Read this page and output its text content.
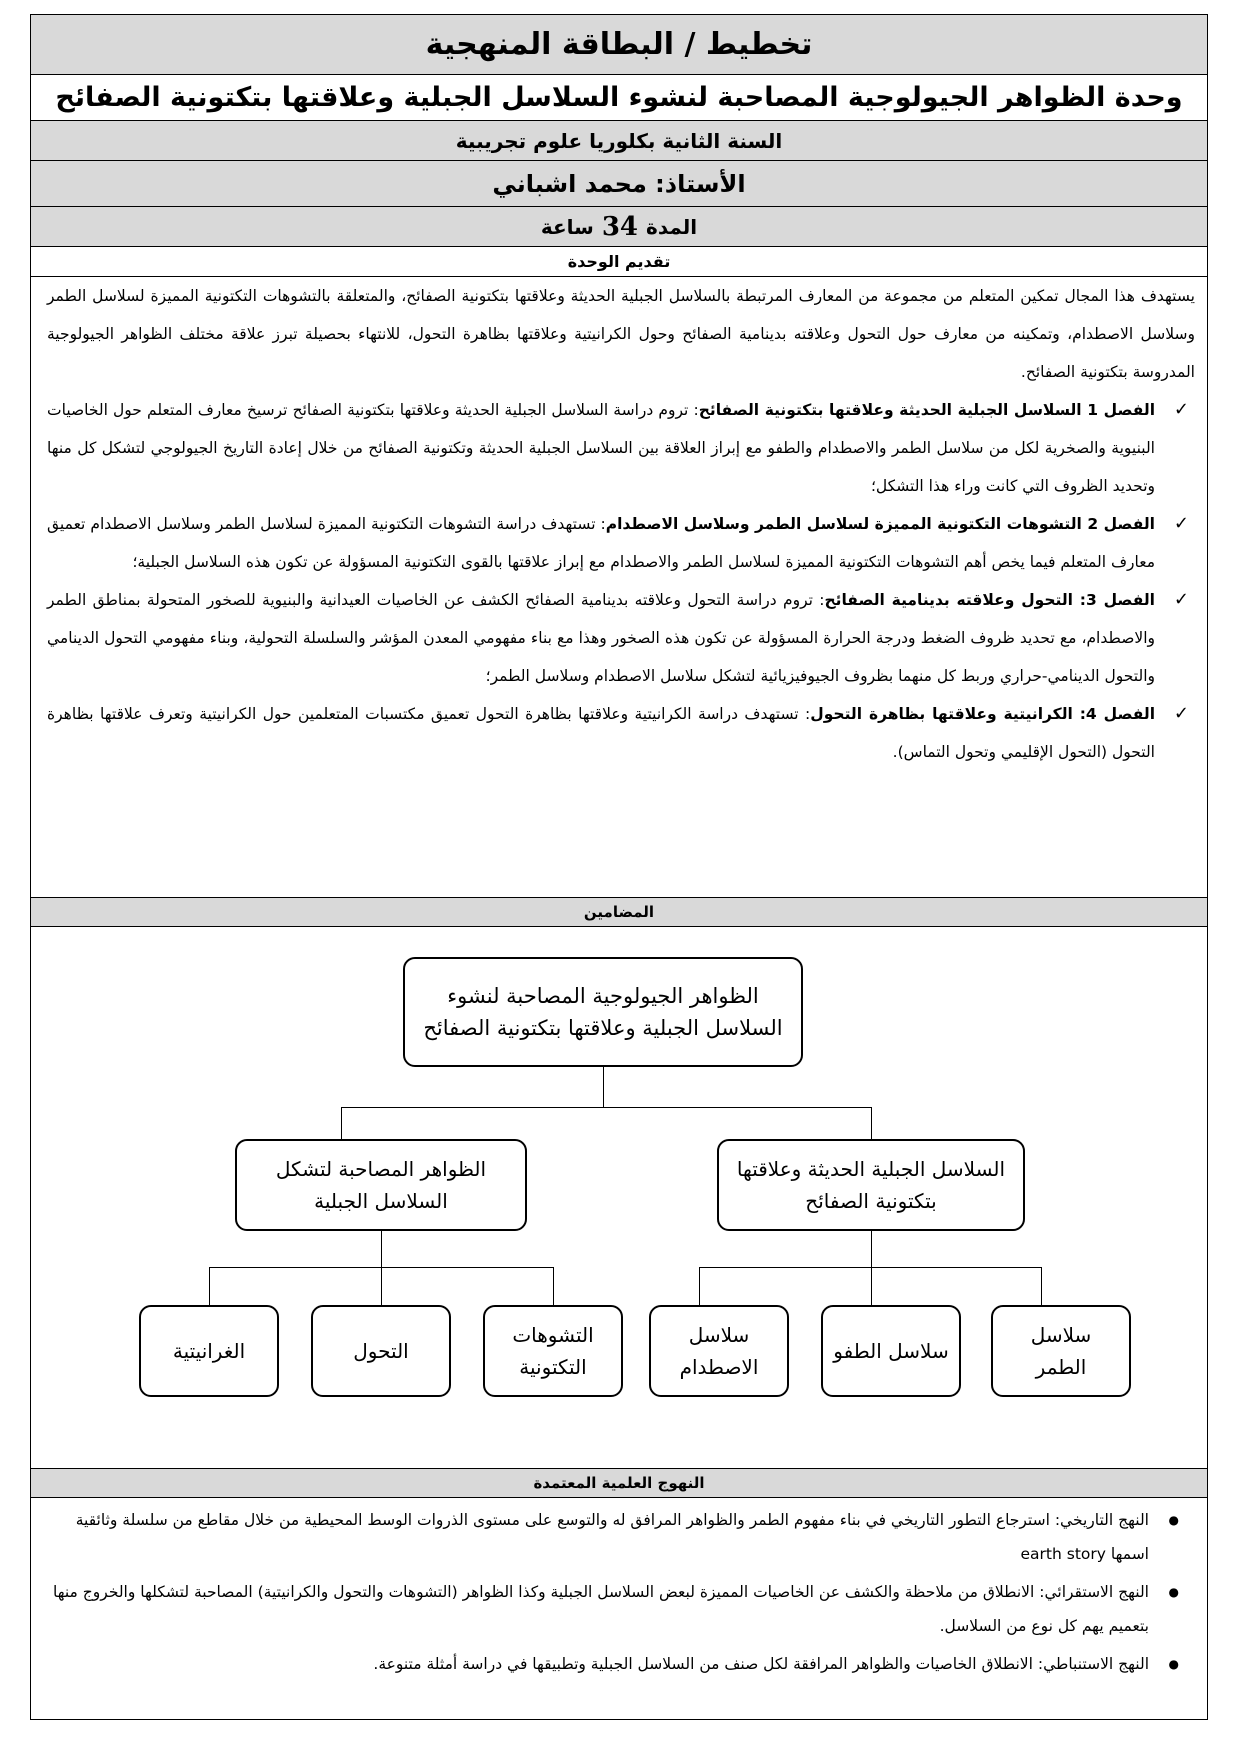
تخطيط / البطاقة المنهجية
وحدة الظواهر الجيولوجية المصاحبة لنشوء السلاسل الجبلية وعلاقتها بتكتونية الصفائح
السنة الثانية بكلوريا علوم تجريبية
الأستاذ: محمد اشباني
المدة
34
ساعة
تقديم الوحدة

يستهدف هذا المجال تمكين المتعلم من مجموعة من المعارف المرتبطة بالسلاسل الجبلية الحديثة وعلاقتها بتكتونية الصفائح، والمتعلقة بالتشوهات التكتونية المميزة لسلاسل الطمر وسلاسل الاصطدام، وتمكينه من معارف حول التحول وعلاقته بدينامية الصفائح وحول الكرانيتية وعلاقتها بظاهرة التحول، للانتهاء بحصيلة تبرز علاقة مختلف الظواهر الجيولوجية المدروسة بتكتونية الصفائح.

✓
الفصل 1 السلاسل الجبلية الحديثة وعلاقتها بتكتونية الصفائح: تروم دراسة السلاسل الجبلية الحديثة وعلاقتها بتكتونية الصفائح ترسيخ معارف المتعلم حول الخاصيات البنيوية والصخرية لكل من سلاسل الطمر والاصطدام والطفو مع إبراز العلاقة بين السلاسل الجبلية الحديثة وتكتونية الصفائح من خلال إعادة التاريخ الجيولوجي لتشكل كل منها وتحديد الظروف التي كانت وراء هذا التشكل؛

✓
الفصل 2 التشوهات التكتونية المميزة لسلاسل الطمر وسلاسل الاصطدام: تستهدف دراسة التشوهات التكتونية المميزة لسلاسل الطمر وسلاسل الاصطدام تعميق معارف المتعلم فيما يخص أهم التشوهات التكتونية المميزة لسلاسل الطمر والاصطدام مع إبراز علاقتها بالقوى التكتونية المسؤولة عن تكون هذه السلاسل الجبلية؛

✓
الفصل 3: التحول وعلاقته بدينامية الصفائح: تروم دراسة التحول وعلاقته بدينامية الصفائح الكشف عن الخاصيات العيدانية والبنيوية للصخور المتحولة بمناطق الطمر والاصطدام، مع تحديد ظروف الضغط ودرجة الحرارة المسؤولة عن تكون هذه الصخور وهذا مع بناء مفهومي المعدن المؤشر والسلسلة التحولية، وبناء مفهومي التحول الدينامي والتحول الدينامي-حراري وربط كل منهما بظروف الجيوفيزيائية لتشكل سلاسل الاصطدام وسلاسل الطمر؛

✓
الفصل 4: الكرانيتية وعلاقتها بظاهرة التحول: تستهدف دراسة الكرانيتية وعلاقتها بظاهرة التحول تعميق مكتسبات المتعلمين حول الكرانيتية وتعرف علاقتها بظاهرة التحول (التحول الإقليمي وتحول التماس).

المضامين
الظواهر الجيولوجية المصاحبة لنشوء السلاسل الجبلية وعلاقتها بتكتونية الصفائح
الظواهر المصاحبة لتشكل السلاسل الجبلية
السلاسل الجبلية الحديثة وعلاقتها بتكتونية الصفائح
الغرانيتية	التحول
التشوهات التكتونية
سلاسل الاصطدام
سلاسل الطفو
سلاسل الطمر
النهوج العلمية المعتمدة
● النهج التاريخي: استرجاع التطور التاريخي في بناء مفهوم الطمر والظواهر المرافق له والتوسع على مستوى الذروات الوسط المحيطية من خلال مقاطع من سلسلة وثائقية اسمها earth story
● النهج الاستقرائي: الانطلاق من ملاحظة والكشف عن الخاصيات المميزة لبعض السلاسل الجبلية وكذا الظواهر (التشوهات والتحول والكرانيتية) المصاحبة لتشكلها والخروج منها بتعميم يهم كل نوع من السلاسل.
● النهج الاستنباطي: الانطلاق الخاصيات والظواهر المرافقة لكل صنف من السلاسل الجبلية وتطبيقها في دراسة أمثلة متنوعة.
